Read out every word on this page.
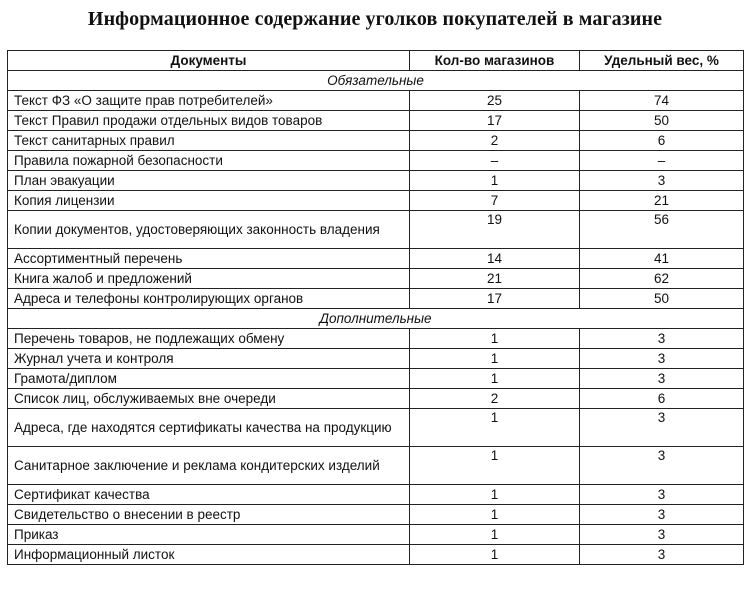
Информационное содержание уголков покупателей в магазине
Документы	Кол-во магазинов	Удельный вес, %
Обязательные		
Текст ФЗ «О защите прав потребителей»	25	74
Текст Правил продажи отдельных видов товаров	17	50
Текст санитарных правил	2	6
Правила пожарной безопасности	–	–
План эвакуации	1	3
Копия лицензии	7	21
Копии документов, удостоверяющих законность владения	19	56
Ассортиментный перечень	14	41
Книга жалоб и предложений	21	62
Адреса и телефоны контролирующих органов	17	50
Дополнительные		
Перечень товаров, не подлежащих обмену	1	3
Журнал учета и контроля	1	3
Грамота/диплом	1	3
Список лиц, обслуживаемых вне очереди	2	6
Адреса, где находятся сертификаты качества на продукцию	1	3
Санитарное заключение и реклама кондитерских изделий	1	3
Сертификат качества	1	3
Свидетельство о внесении в реестр	1	3
Приказ	1	3
Информационный листок	1	3
